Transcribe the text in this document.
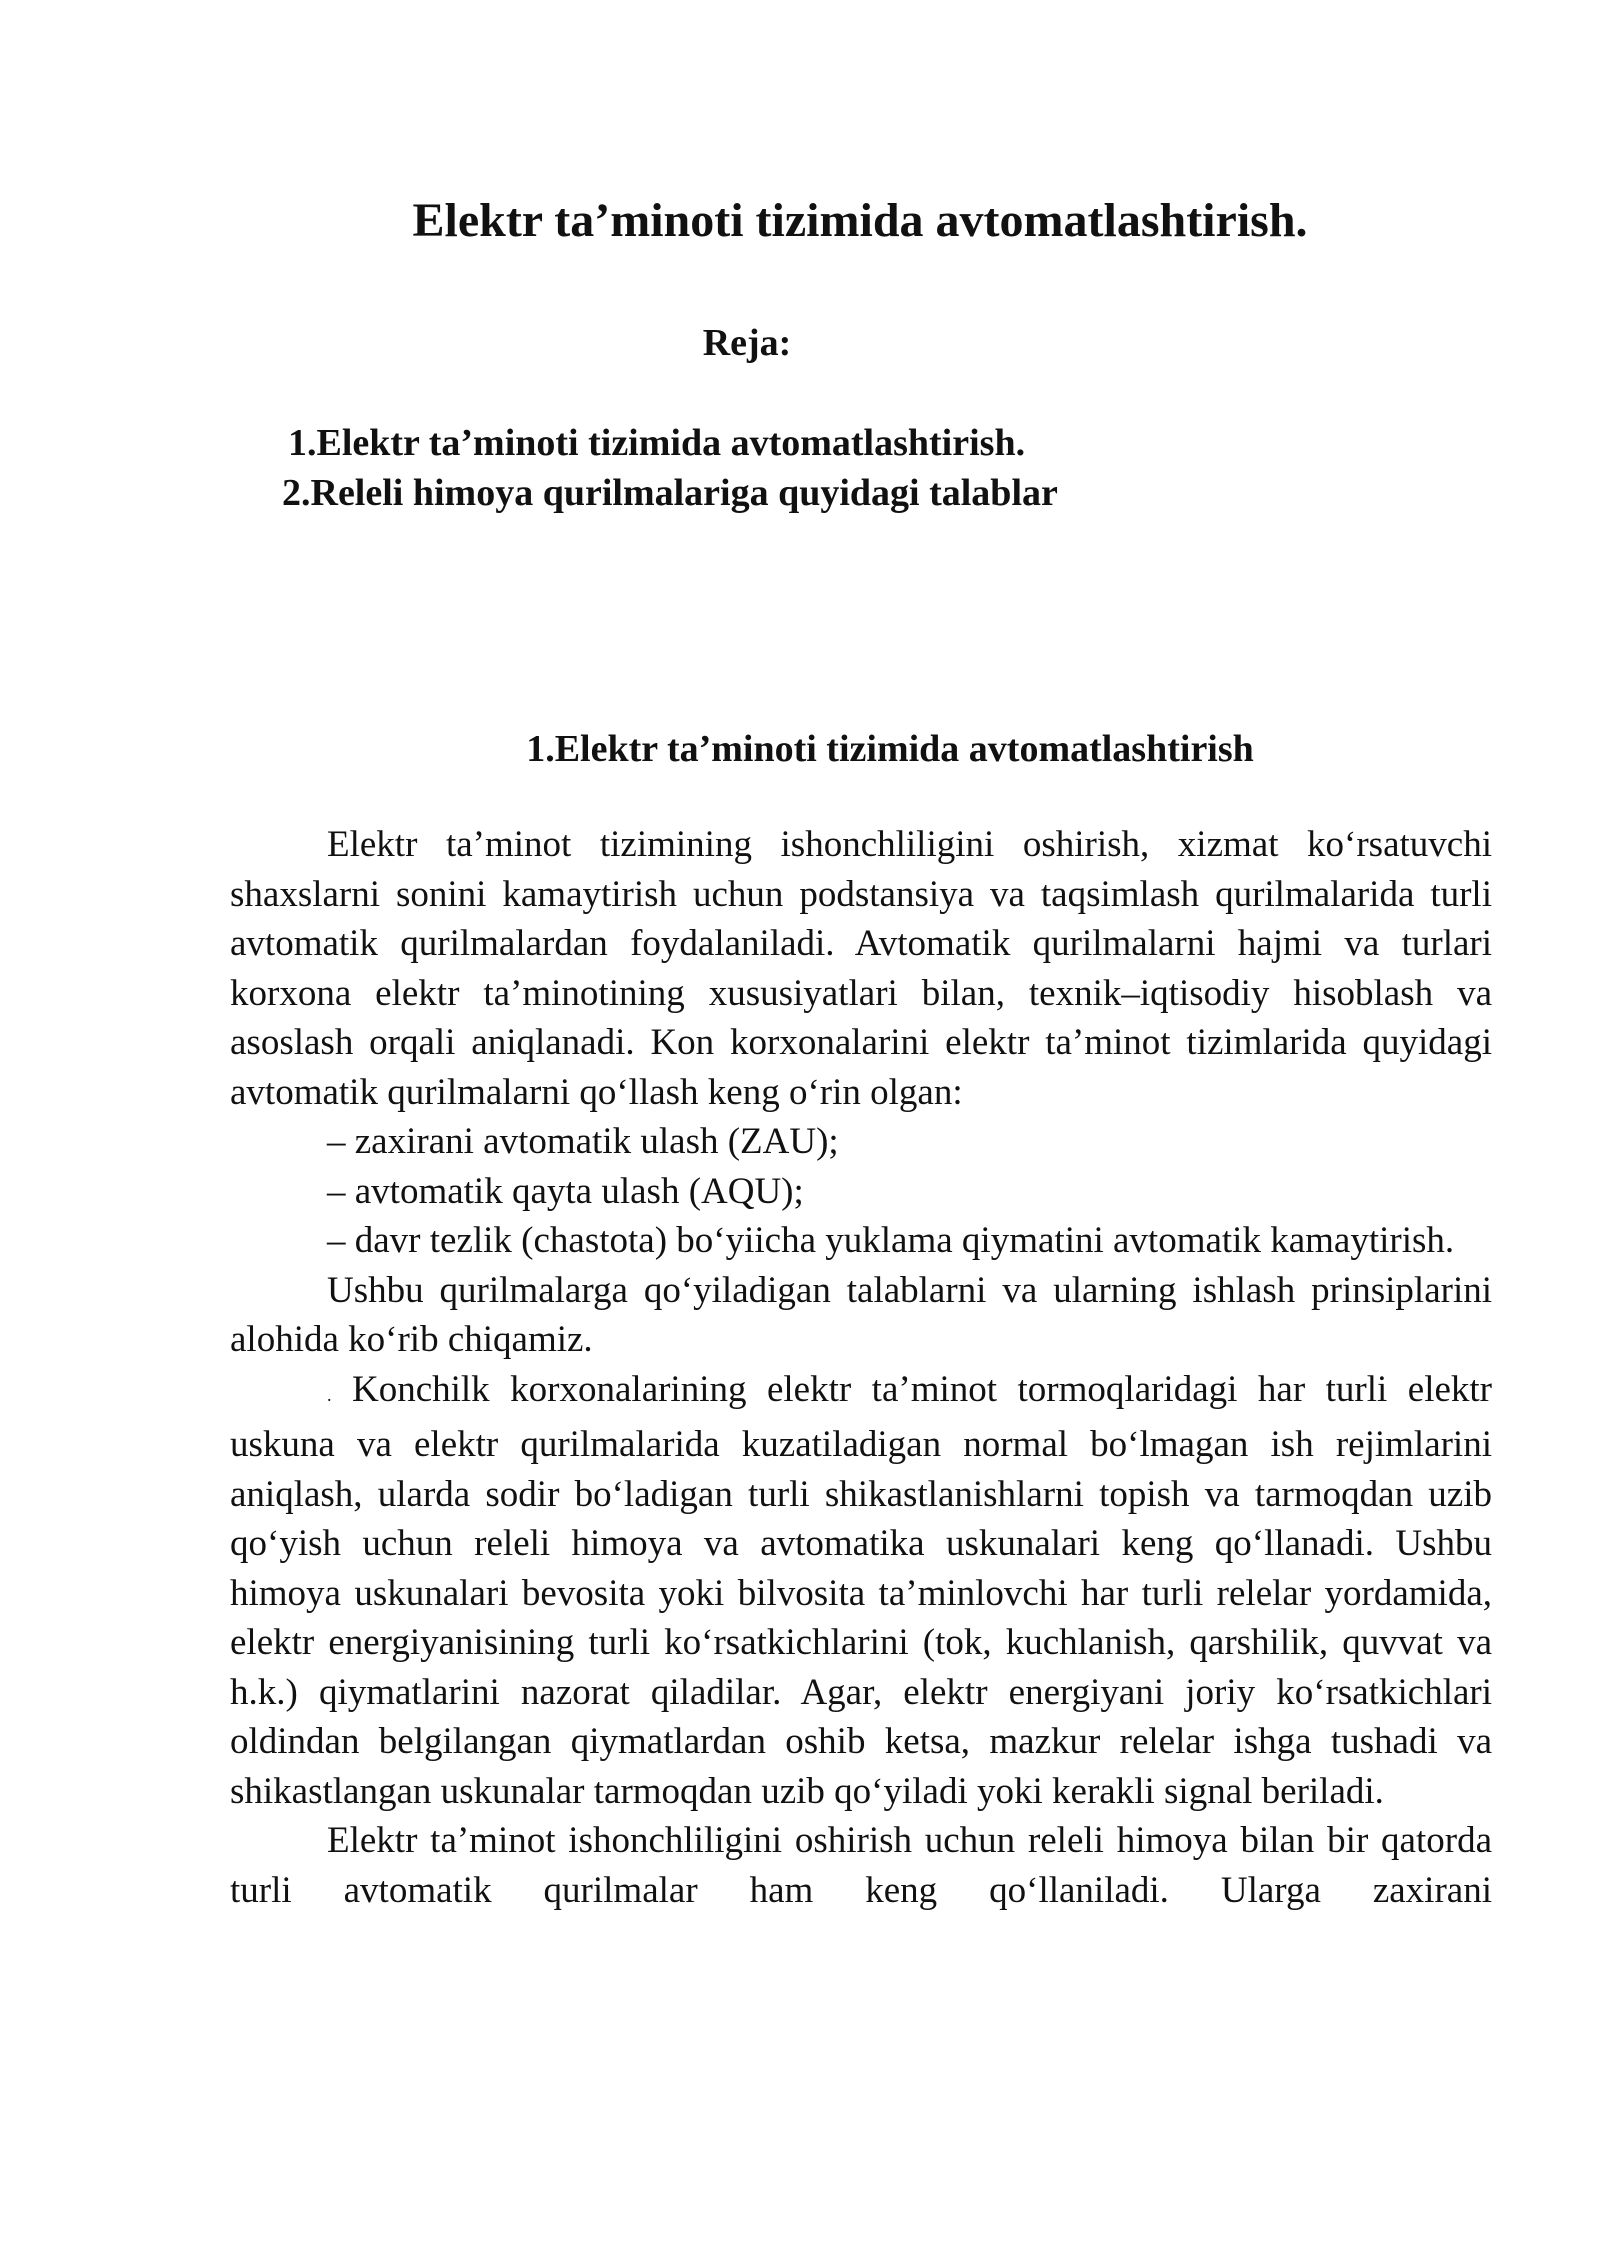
Elektr ta’minoti tizimida avtomatlashtirish.
Reja:
1.Elektr ta’minoti tizimida avtomatlashtirish.
2.Releli himoya qurilmalariga quyidagi talablar
1.Elektr ta’minoti tizimida avtomatlashtirish

Elektr ta’minot tizimining ishonchliligini oshirish, xizmat ko‘rsatuvchi shaxslarni sonini kamaytirish uchun podstansiya va taqsimlash qurilmalarida turli avtomatik qurilmalardan foydalaniladi. Avtomatik qurilmalarni hajmi va turlari korxona elektr ta’minotining xususiyatlari bilan, texnik–iqtisodiy hisoblash va asoslash orqali aniqlanadi. Kon korxonalarini elektr ta’minot tizimlarida quyidagi avtomatik qurilmalarni qo‘llash keng o‘rin olgan:

– zaxirani avtomatik ulash (ZAU);

– avtomatik qayta ulash (AQU);

– davr tezlik (chastota) bo‘yiicha yuklama qiymatini avtomatik kamaytirish.

Ushbu qurilmalarga qo‘yiladigan talablarni va ularning ishlash prinsiplarini alohida ko‘rib chiqamiz.

. Konchilk korxonalarining elektr ta’minot tormoqlaridagi har turli elektr uskuna va elektr qurilmalarida kuzatiladigan normal bo‘lmagan ish rejimlarini aniqlash, ularda sodir bo‘ladigan turli shikastlanishlarni topish va tarmoqdan uzib qo‘yish uchun releli himoya va avtomatika uskunalari keng qo‘llanadi. Ushbu himoya uskunalari bevosita yoki bilvosita ta’minlovchi har turli relelar yordamida, elektr energiyanisining turli ko‘rsatkichlarini (tok, kuchlanish, qarshilik, quvvat va h.k.) qiymatlarini nazorat qiladilar. Agar, elektr energiyani joriy ko‘rsatkichlari oldindan belgilangan qiymatlardan oshib ketsa, mazkur relelar ishga tushadi va shikastlangan uskunalar tarmoqdan uzib qo‘yiladi yoki kerakli signal beriladi.

Elektr ta’minot ishonchliligini oshirish uchun releli himoya bilan bir qatorda turli avtomatik qurilmalar ham keng qo‘llaniladi. Ularga zaxirani
